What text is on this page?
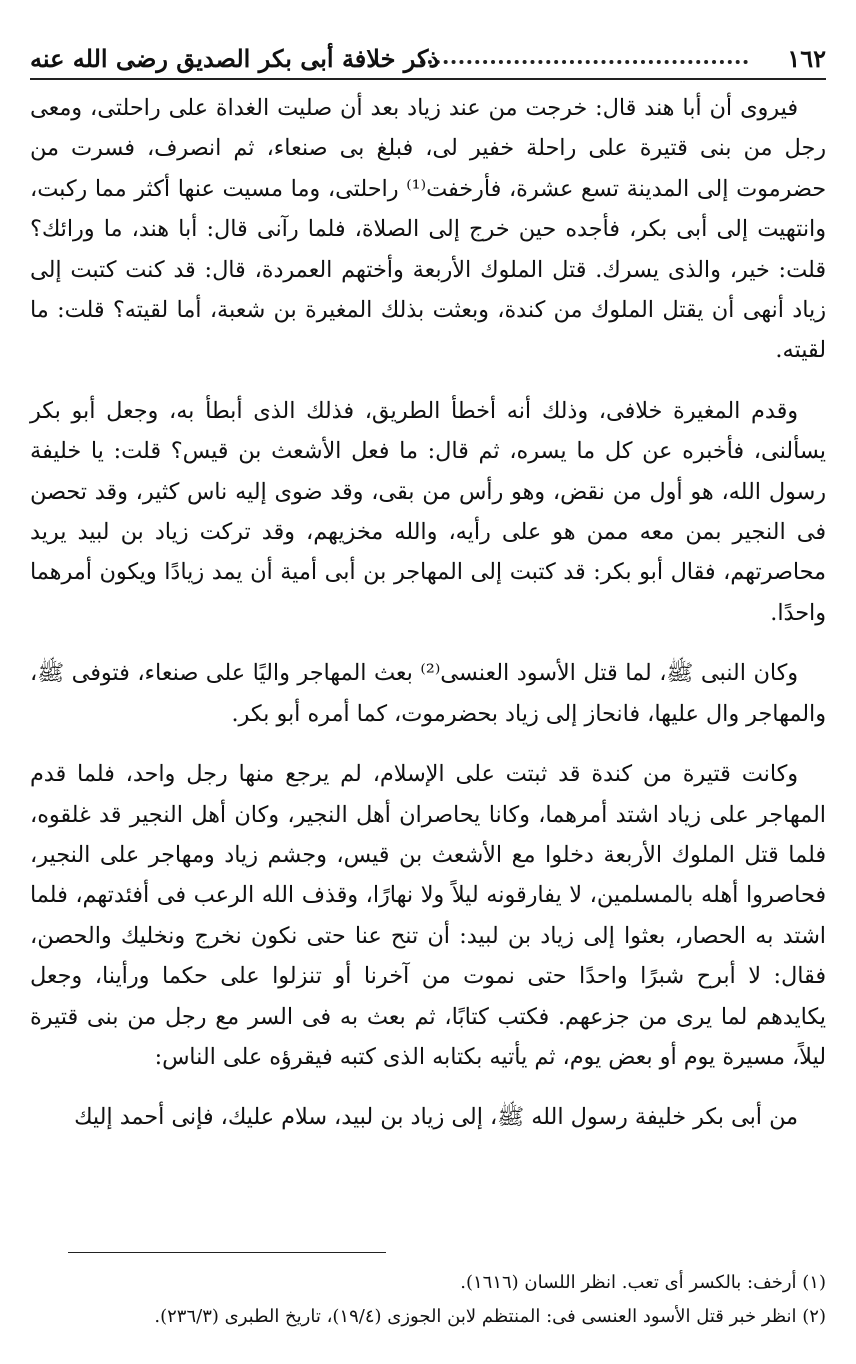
١٦٢
ذكر خلافة أبى بكر الصديق رضى الله عنه

فيروى أن أبا هند قال: خرجت من عند زياد بعد أن صليت الغداة على راحلتى، ومعى رجل من بنى قتيرة على راحلة خفير لى، فبلغ بى صنعاء، ثم انصرف، فسرت من حضرموت إلى المدينة تسع عشرة، فأرخفت⁽¹⁾ راحلتى، وما مسيت عنها أكثر مما ركبت، وانتهيت إلى أبى بكر، فأجده حين خرج إلى الصلاة، فلما رآنى قال: أبا هند، ما ورائك؟ قلت: خير، والذى يسرك. قتل الملوك الأربعة وأختهم العمردة، قال: قد كنت كتبت إلى زياد أنهى أن يقتل الملوك من كندة، وبعثت بذلك المغيرة بن شعبة، أما لقيته؟ قلت: ما لقيته.

وقدم المغيرة خلافى، وذلك أنه أخطأ الطريق، فذلك الذى أبطأ به، وجعل أبو بكر يسألنى، فأخبره عن كل ما يسره، ثم قال: ما فعل الأشعث بن قيس؟ قلت: يا خليفة رسول الله، هو أول من نقض، وهو رأس من بقى، وقد ضوى إليه ناس كثير، وقد تحصن فى النجير بمن معه ممن هو على رأيه، والله مخزيهم، وقد تركت زياد بن لبيد يريد محاصرتهم، فقال أبو بكر: قد كتبت إلى المهاجر بن أبى أمية أن يمد زيادًا ويكون أمرهما واحدًا.

وكان النبى ﷺ، لما قتل الأسود العنسى⁽²⁾ بعث المهاجر واليًا على صنعاء، فتوفى ﷺ، والمهاجر وال عليها، فانحاز إلى زياد بحضرموت، كما أمره أبو بكر.

وكانت قتيرة من كندة قد ثبتت على الإسلام، لم يرجع منها رجل واحد، فلما قدم المهاجر على زياد اشتد أمرهما، وكانا يحاصران أهل النجير، وكان أهل النجير قد غلقوه، فلما قتل الملوك الأربعة دخلوا مع الأشعث بن قيس، وجشم زياد ومهاجر على النجير، فحاصروا أهله بالمسلمين، لا يفارقونه ليلاً ولا نهارًا، وقذف الله الرعب فى أفئدتهم، فلما اشتد به الحصار، بعثوا إلى زياد بن لبيد: أن تنح عنا حتى نكون نخرج ونخليك والحصن، فقال: لا أبرح شبرًا واحدًا حتى نموت من آخرنا أو تنزلوا على حكما ورأينا، وجعل يكايدهم لما يرى من جزعهم. فكتب كتابًا، ثم بعث به فى السر مع رجل من بنى قتيرة ليلاً، مسيرة يوم أو بعض يوم، ثم يأتيه بكتابه الذى كتبه فيقرؤه على الناس:

من أبى بكر خليفة رسول الله ﷺ، إلى زياد بن لبيد، سلام عليك، فإنى أحمد إليك

(١) أرخف: بالكسر أى تعب. انظر اللسان (١٦١٦).

(٢) انظر خبر قتل الأسود العنسى فى: المنتظم لابن الجوزى (١٩/٤)، تاريخ الطبرى (٢٣٦/٣).
